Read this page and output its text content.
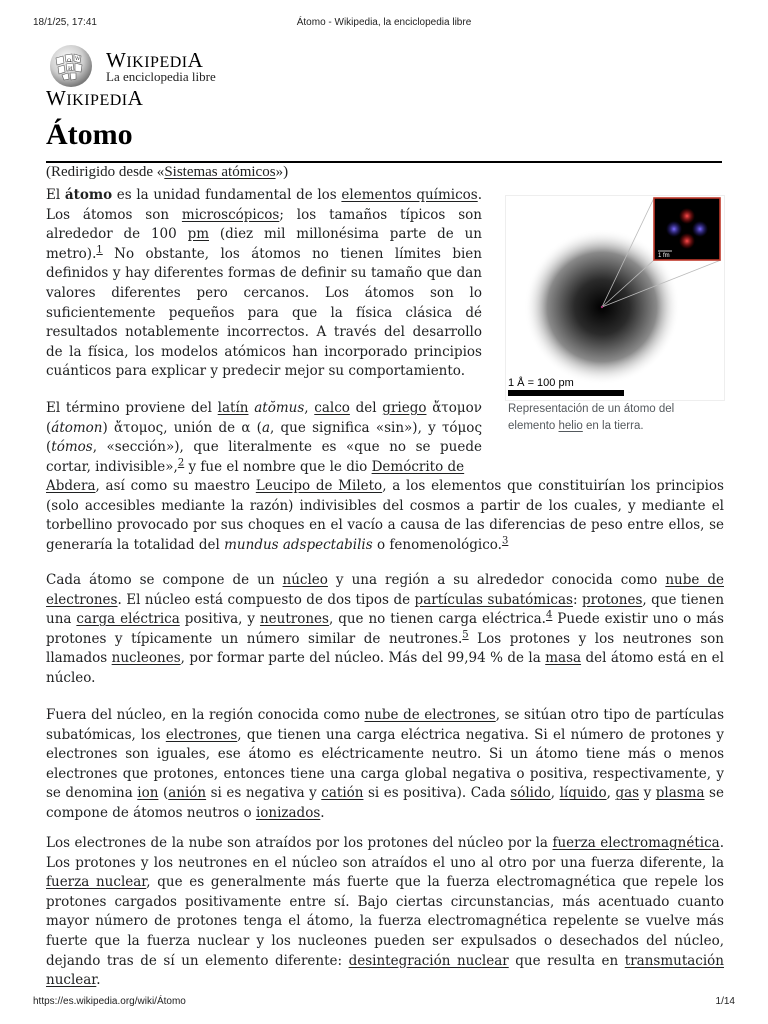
18/1/25, 17:41	Átomo - Wikipedia, la enciclopedia libre
Ω W
И WIKIPEDIA
La enciclopedia libre
WIKIPEDIA
Átomo
(Redirigido desde «Sistemas atómicos»)

El átomo es la unidad fundamental de los elementos químicos. Los átomos son microscópicos; los tamaños típicos son alrededor de 100 pm (diez mil millonésima parte de un metro).$^1$ No obstante, los átomos no tienen límites bien definidos y hay diferentes formas de definir su tamaño que dan valores diferentes pero cercanos. Los átomos son lo suficientemente pequeños para que la física clásica dé resultados notablemente incorrectos. A través del desarrollo de la física, los modelos atómicos han incorporado principios cuánticos para explicar y predecir mejor su comportamiento.

El término proviene del latín atŏmus, calco del griego ἄτομον (átomon) ἄτομος, unión de α (a, que significa «sin»), y τόμος (tómos, «sección»), que literalmente es «que no se puede cortar, indivisible»,$^2$ y fue el nombre que le dio Demócrito de

Abdera, así como su maestro Leucipo de Mileto, a los elementos que constituirían los principios (solo accesibles mediante la razón) indivisibles del cosmos a partir de los cuales, y mediante el torbellino provocado por sus choques en el vacío a causa de las diferencias de peso entre ellos, se generaría la totalidad del mundus adspectabilis o fenomenológico.$^3$

1 fm
1 Å = 100 pm
Representación de un átomo del elemento helio en la tierra.

Cada átomo se compone de un núcleo y una región a su alrededor conocida como nube de electrones. El núcleo está compuesto de dos tipos de partículas subatómicas: protones, que tienen una carga eléctrica positiva, y neutrones, que no tienen carga eléctrica.$^4$ Puede existir uno o más protones y típicamente un número similar de neutrones.$^5$ Los protones y los neutrones son llamados nucleones, por formar parte del núcleo. Más del 99,94 % de la masa del átomo está en el núcleo.

Fuera del núcleo, en la región conocida como nube de electrones, se sitúan otro tipo de partículas subatómicas, los electrones, que tienen una carga eléctrica negativa. Si el número de protones y electrones son iguales, ese átomo es eléctricamente neutro. Si un átomo tiene más o menos electrones que protones, entonces tiene una carga global negativa o positiva, respectivamente, y se denomina ion (anión si es negativa y catión si es positiva). Cada sólido, líquido, gas y plasma se compone de átomos neutros o ionizados.

Los electrones de la nube son atraídos por los protones del núcleo por la fuerza electromagnética. Los protones y los neutrones en el núcleo son atraídos el uno al otro por una fuerza diferente, la fuerza nuclear, que es generalmente más fuerte que la fuerza electromagnética que repele los protones cargados positivamente entre sí. Bajo ciertas circunstancias, más acentuado cuanto mayor número de protones tenga el átomo, la fuerza electromagnética repelente se vuelve más fuerte que la fuerza nuclear y los nucleones pueden ser expulsados o desechados del núcleo, dejando tras de sí un elemento diferente: desintegración nuclear que resulta en transmutación nuclear.

https://es.wikipedia.org/wiki/Átomo	1/14
